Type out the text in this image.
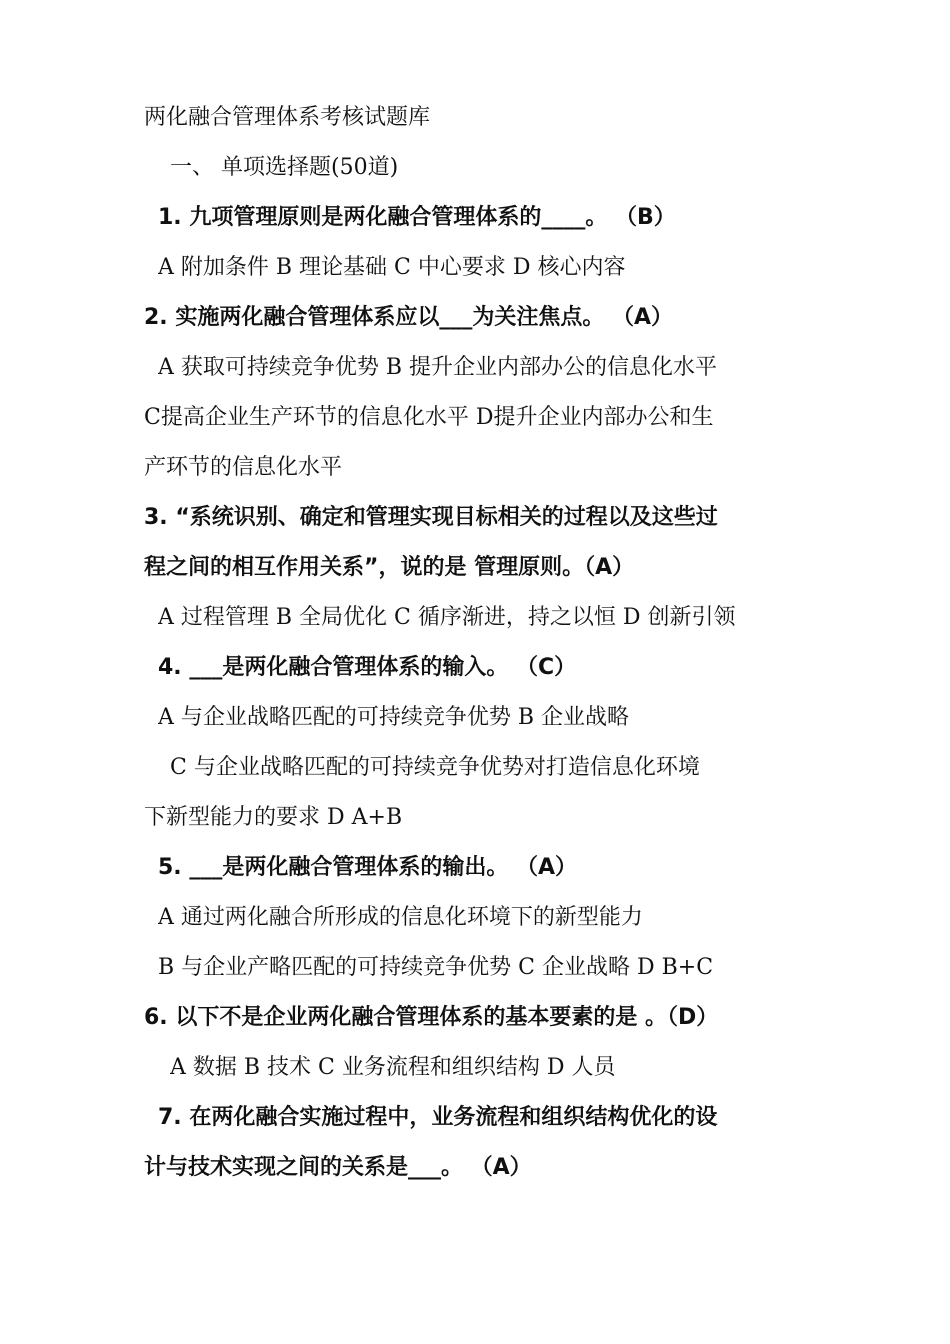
两化融合管理体系考核试题库
一、 单项选择题(50道)
1. 九项管理原则是两化融合管理体系的____。 （B）
A 附加条件 B 理论基础 C 中心要求 D 核心内容
2. 实施两化融合管理体系应以___为关注焦点。 （A）
A 获取可持续竞争优势 B 提升企业内部办公的信息化水平
C提高企业生产环节的信息化水平 D提升企业内部办公和生
产环节的信息化水平
3. “系统识别、确定和管理实现目标相关的过程以及这些过
程之间的相互作用关系”，说的是 管理原则。（A）
A 过程管理 B 全局优化 C 循序渐进，持之以恒 D 创新引领
4. ___是两化融合管理体系的输入。 （C）
A 与企业战略匹配的可持续竞争优势 B 企业战略
C 与企业战略匹配的可持续竞争优势对打造信息化环境
下新型能力的要求 D A+B
5. ___是两化融合管理体系的输出。 （A）
A 通过两化融合所形成的信息化环境下的新型能力
B 与企业产略匹配的可持续竞争优势 C 企业战略 D B+C
6. 以下不是企业两化融合管理体系的基本要素的是 。（D）
A 数据 B 技术 C 业务流程和组织结构 D 人员
7. 在两化融合实施过程中，业务流程和组织结构优化的设
计与技术实现之间的关系是___。 （A）
